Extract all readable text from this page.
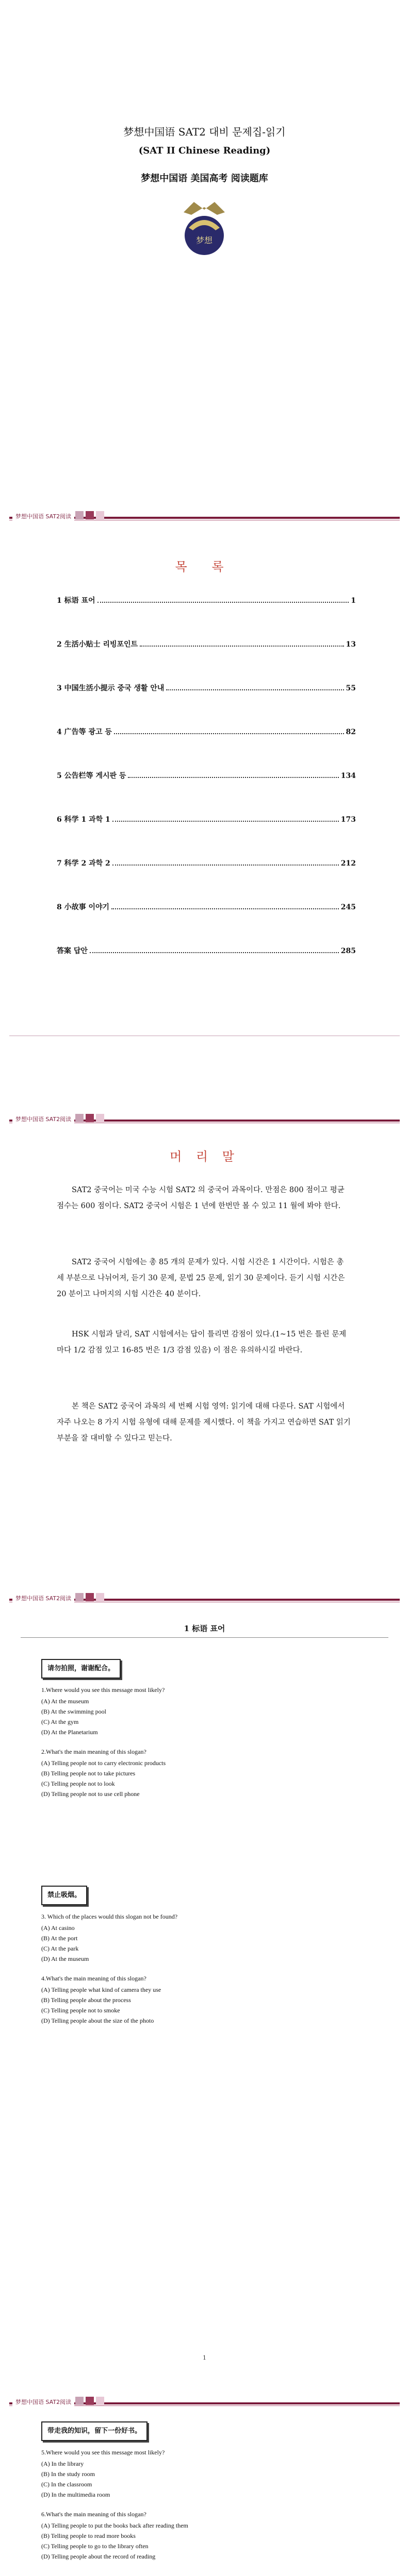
梦想中国语 SAT2 대비 문제집-읽기
(SAT II Chinese Reading)
梦想中国语 美国高考 阅读题库
梦想
梦想中国语 SAT2阅读
목 록
1 标语 표어	1
2 生活小贴士 리빙포인트	13
3 中国生活小提示 중국 생활 안내	55
4 广告等 광고 등	82
5 公告栏等 게시판 등	134
6 科学 1 과학 1	173
7 科学 2 과학 2	212
8 小故事 이야기	245
答案 답안	285
梦想中国语 SAT2阅读
머 리 말
SAT2 중국어는 미국 수능 시험 SAT2 의 중국어 과목이다. 만점은 800 점이고 평균 점수는 600 점이다. SAT2 중국어 시험은 1 년에 한번만 볼 수 있고 11 월에 봐야 한다.
SAT2 중국어 시험에는 총 85 개의 문제가 있다. 시험 시간은 1 시간이다. 시험은 총 세 부분으로 나뉘어져, 듣기 30 문제, 문법 25 문제, 읽기 30 문제이다. 듣기 시험 시간은 20 분이고 나머지의 시험 시간은 40 분이다.
HSK 시험과 달리, SAT 시험에서는 답이 틀리면 감점이 있다.(1~15 번은 틀린 문제마다 1/2 감점 있고 16-85 번은 1/3 감점 있음) 이 점은 유의하시길 바란다.
본 책은 SAT2 중국어 과목의 세 번째 시험 영역: 읽기에 대해 다룬다. SAT 시험에서 자주 나오는 8 가지 시험 유형에 대해 문제를 제시했다. 이 책을 가지고 연습하면 SAT 읽기 부분을 잘 대비할 수 있다고 믿는다.
梦想中国语 SAT2阅读
1 标语 표어
请勿拍照，谢谢配合。
1.Where would you see this message most likely?
(A) At the museum
(B) At the swimming pool
(C) At the gym
(D) At the Planetarium
2.What's the main meaning of this slogan?
(A) Telling people not to carry electronic products
(B) Telling people not to take pictures
(C) Telling people not to look
(D) Telling people not to use cell phone
禁止吸烟。
3. Which of the places would this slogan not be found?
(A) At casino
(B) At the port
(C) At the park
(D) At the museum
4.What's the main meaning of this slogan?
(A) Telling people what kind of camera they use
(B) Telling people about the process
(C) Telling people not to smoke
(D) Telling people about the size of the photo
带走我的知识，留下一份好书。
5.Where would you see this message most likely?
(A) In the library
(B) In the study room
(C) In the classroom
(D) In the multimedia room
6.What's the main meaning of this slogan?
(A) Telling people to put the books back after reading them
(B) Telling people to read more books
(C) Telling people to go to the library often
(D) Telling people about the record of reading
1
梦想中国语 SAT2阅读
